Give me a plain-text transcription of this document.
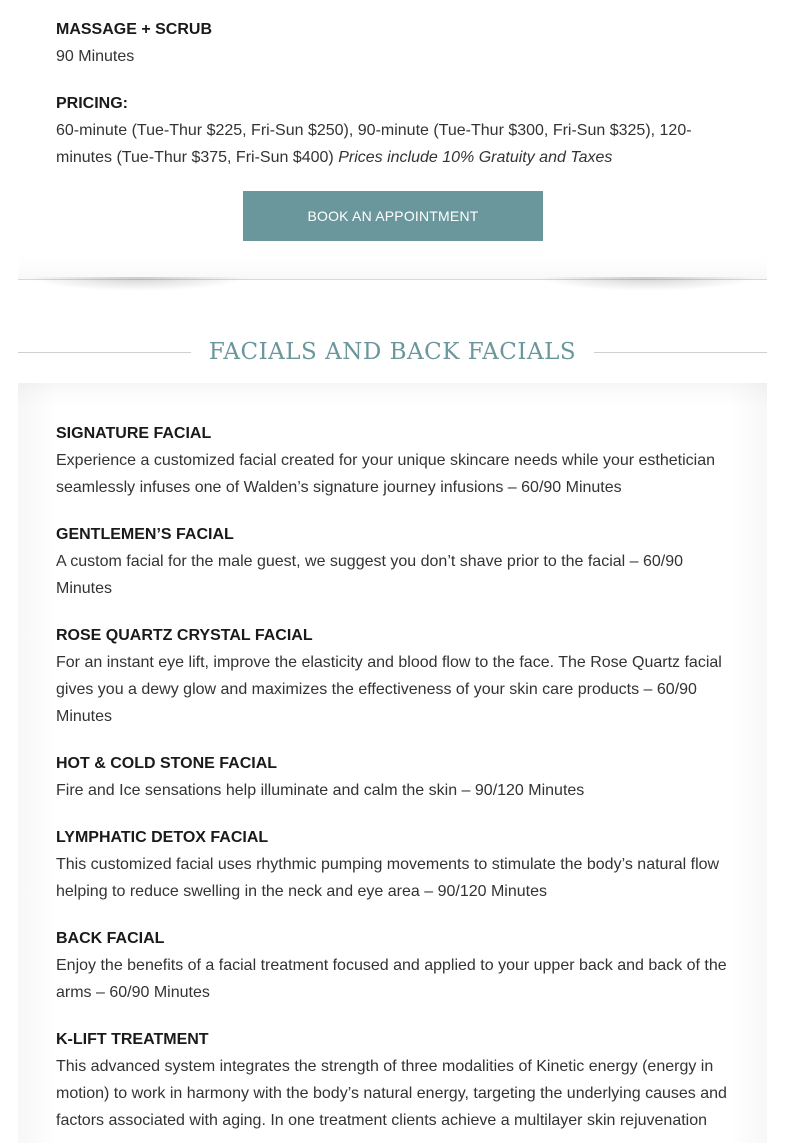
MASSAGE + SCRUB
90 Minutes
PRICING:
60-minute (Tue-Thur $225, Fri-Sun $250), 90-minute (Tue-Thur $300, Fri-Sun $325), 120-minutes (Tue-Thur $375, Fri-Sun $400) Prices include 10% Gratuity and Taxes
BOOK AN APPOINTMENT
FACIALS AND BACK FACIALS
SIGNATURE FACIAL
Experience a customized facial created for your unique skincare needs while your esthetician seamlessly infuses one of Walden’s signature journey infusions – 60/90 Minutes
GENTLEMEN’S FACIAL
A custom facial for the male guest, we suggest you don’t shave prior to the facial – 60/90 Minutes
ROSE QUARTZ CRYSTAL FACIAL
For an instant eye lift, improve the elasticity and blood flow to the face. The Rose Quartz facial gives you a dewy glow and maximizes the effectiveness of your skin care products – 60/90 Minutes
HOT & COLD STONE FACIAL
Fire and Ice sensations help illuminate and calm the skin – 90/120 Minutes
LYMPHATIC DETOX FACIAL
This customized facial uses rhythmic pumping movements to stimulate the body’s natural flow helping to reduce swelling in the neck and eye area – 90/120 Minutes
BACK FACIAL
Enjoy the benefits of a facial treatment focused and applied to your upper back and back of the arms – 60/90 Minutes
K-LIFT TREATMENT
This advanced system integrates the strength of three modalities of Kinetic energy (energy in motion) to work in harmony with the body’s natural energy, targeting the underlying causes and factors associated with aging. In one treatment clients achieve a multilayer skin rejuvenation
